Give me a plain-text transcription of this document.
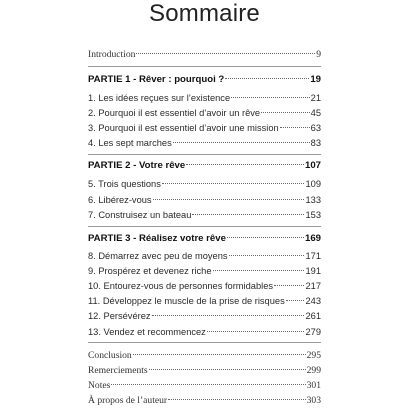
Sommaire
Introduction	9
PARTIE 1 - Rêver : pourquoi ?	19
1. Les idées reçues sur l’existence	21
2. Pourquoi il est essentiel d’avoir un rêve	45
3. Pourquoi il est essentiel d’avoir une mission	63
4. Les sept marches	83
PARTIE 2 - Votre rêve	107
5. Trois questions	109
6. Libérez-vous	133
7. Construisez un bateau	153
PARTIE 3 - Réalisez votre rêve	169
8. Démarrez avec peu de moyens	171
9. Prospérez et devenez riche	191
10. Entourez-vous de personnes formidables	217
11. Développez le muscle de la prise de risques 243
12. Persévérez	261
13. Vendez et recommencez	279
Conclusion	295
Remerciements	299
Notes	301
À propos de l’auteur	303
